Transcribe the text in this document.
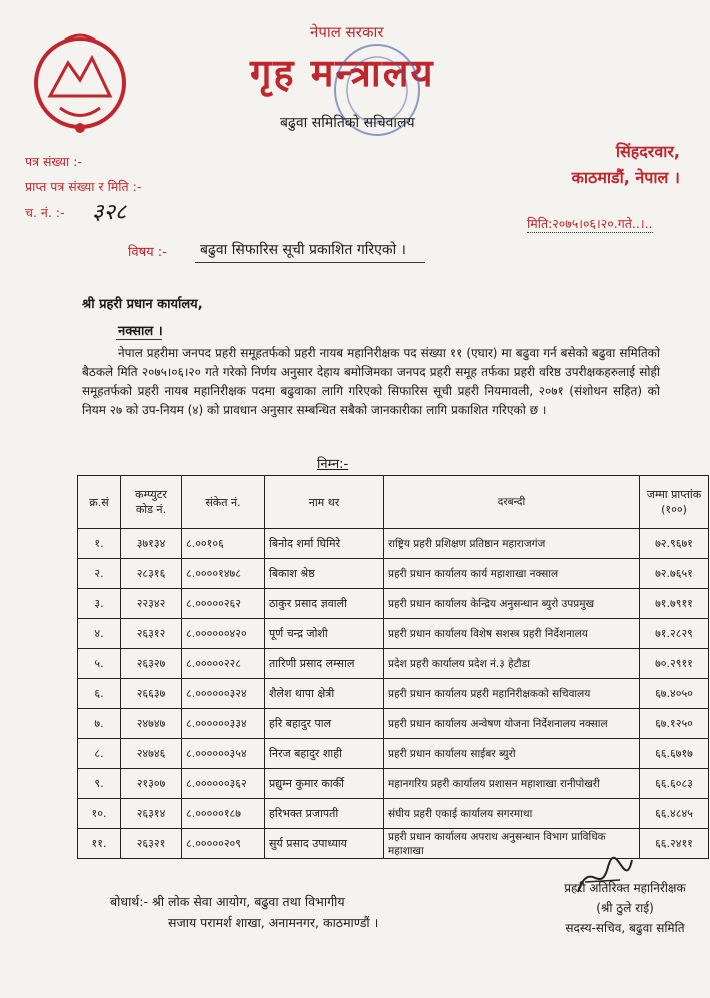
नेपाल सरकार
गृह मन्त्रालय
बढुवा समितिको सचिवालय
पत्र संख्या :-
प्राप्त पत्र संख्या र मिति :-
च. नं. :- ३२८
सिंहदरवार,
काठमाडौं, नेपाल ।
मिति:२०७५।०६।२०.गते..।..
विषय :- बढुवा सिफारिस सूची प्रकाशित गरिएको ।
श्री प्रहरी प्रधान कार्यालय,
नक्साल ।
नेपाल प्रहरीमा जनपद प्रहरी समूहतर्फको प्रहरी नायब महानिरीक्षक पद संख्या ११ (एघार) मा बढुवा गर्न बसेको बढुवा समितिको बैठकले मिति २०७५।०६।२० गते गरेको निर्णय अनुसार देहाय बमोजिमका जनपद प्रहरी समूह तर्फका प्रहरी वरिष्ठ उपरीक्षकहरुलाई सोही समूहतर्फको प्रहरी नायब महानिरीक्षक पदमा बढुवाका लागि गरिएको सिफारिस सूची प्रहरी नियमावली, २०७१ (संशोधन सहित) को नियम २७ को उप-नियम (४) को प्रावधान अनुसार सम्बन्धित सबैको जानकारीका लागि प्रकाशित गरिएको छ ।
निम्न:-
क्र.सं	कम्प्युटर कोड नं.	संकेत नं.	नाम थर	दरबन्दी	जम्मा प्राप्तांक (१००)
१.	३७१३४	८.००१०६	बिनोद शर्मा घिमिरे	राष्ट्रिय प्रहरी प्रशिक्षण प्रतिष्ठान महाराजगंज	७२.९६७१
२.	२८३१६	८.००००१४७८	बिकाश श्रेष्ठ	प्रहरी प्रधान कार्यालय कार्य महाशाखा नक्साल	७२.७६५१
३.	२२३४२	८.०००००२६२	ठाकुर प्रसाद ज्ञवाली	प्रहरी प्रधान कार्यालय केन्द्रिय अनुसन्धान ब्युरो उपप्रमुख	७१.७९११
४.	२६३१२	८.००००००४२०	पूर्ण चन्द्र जोशी	प्रहरी प्रधान कार्यालय विशेष सशस्त्र प्रहरी निर्देशनालय	७१.२८२९
५.	२६३२७	८.०००००२२८	तारिणी प्रसाद लम्साल	प्रदेश प्रहरी कार्यालय प्रदेश नं.३ हेटौडा	७०.२९११
६.	२६६३७	८.००००००३२४	शैलेश थापा क्षेत्री	प्रहरी प्रधान कार्यालय प्रहरी महानिरीक्षकको सचिवालय	६७.४०५०
७.	२४७४७	८.००००००३३४	हरि बहादुर पाल	प्रहरी प्रधान कार्यालय अन्वेषण योजना निर्देशनालय नक्साल	६७.१२५०
८.	२४७४६	८.००००००३५४	निरज बहादुर शाही	प्रहरी प्रधान कार्यालय साईबर ब्युरो	६६.६७१७
९.	२१३०७	८.००००००३६२	प्रद्युम्न कुमार कार्की	महानगरिय प्रहरी कार्यालय प्रशासन महाशाखा रानीपोखरी	६६.६०८३
१०.	२६३१४	८.०००००१८७	हरिभक्त प्रजापती	संघीय प्रहरी एकाई कार्यालय सगरमाथा	६६.४८४५
११.	२६३२१	८.०००००२०९	सुर्य प्रसाद उपाध्याय	प्रहरी प्रधान कार्यालय अपराध अनुसन्धान विभाग प्राविधिक महाशाखा	६६.२४११
बोधार्थ:- श्री लोक सेवा आयोग, बढुवा तथा विभागीय
सजाय परामर्श शाखा, अनामनगर, काठमाण्डौं ।
प्रहरी अतिरिक्त महानिरीक्षक
(श्री ठुले राई)
सदस्य-सचिव, बढुवा समिति
